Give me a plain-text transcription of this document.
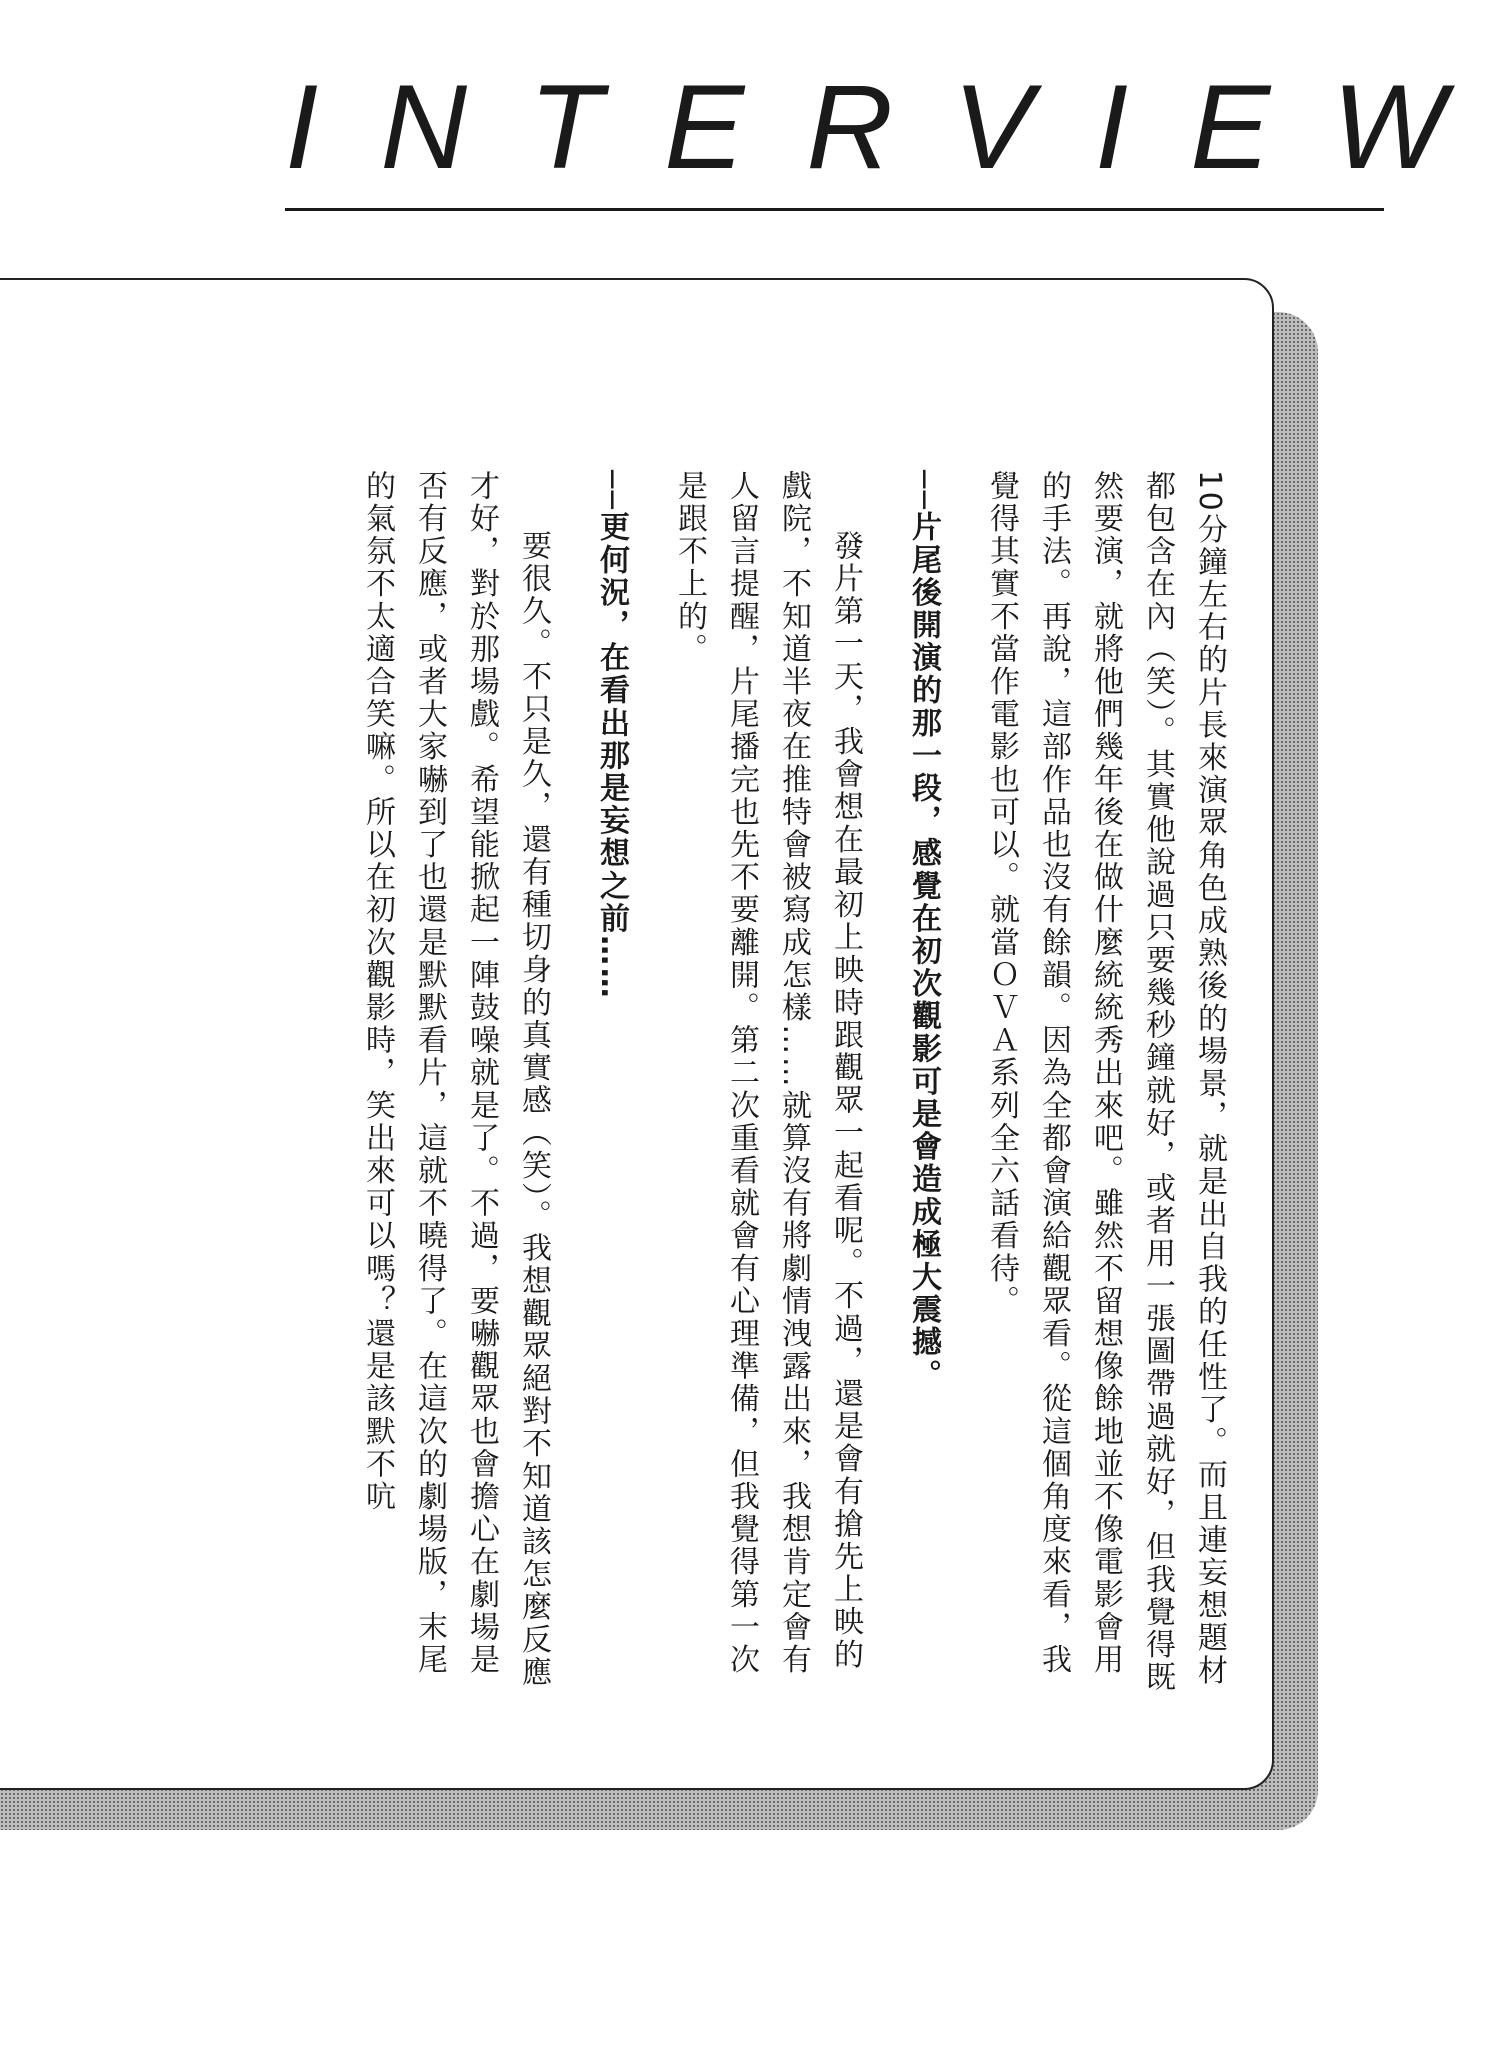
INTERVIEW

10分鐘左右的片長來演眾角色成熟後的場景，就是出自我的任性了。而且連妄想題材都包含在內（笑）。其實他說過只要幾秒鐘就好，或者用一張圖帶過就好，但我覺得既然要演，就將他們幾年後在做什麼統統秀出來吧。雖然不留想像餘地並不像電影會用的手法。再說，這部作品也沒有餘韻。因為全都會演給觀眾看。從這個角度來看，我覺得其實不當作電影也可以。就當ＯＶＡ系列全六話看待。

──片尾後開演的那一段，感覺在初次觀影可是會造成極大震撼。

發片第一天，我會想在最初上映時跟觀眾一起看呢。不過，還是會有搶先上映的戲院，不知道半夜在推特會被寫成怎樣……就算沒有將劇情洩露出來，我想肯定會有人留言提醒，片尾播完也先不要離開。第二次重看就會有心理準備，但我覺得第一次是跟不上的。

──更何況，在看出那是妄想之前……

要很久。不只是久，還有種切身的真實感（笑）。我想觀眾絕對不知道該怎麼反應才好，對於那場戲。希望能掀起一陣鼓噪就是了。不過，要嚇觀眾也會擔心在劇場是否有反應，或者大家嚇到了也還是默默看片，這就不曉得了。在這次的劇場版，末尾的氣氛不太適合笑嘛。所以在初次觀影時，笑出來可以嗎？還是該默不吭
